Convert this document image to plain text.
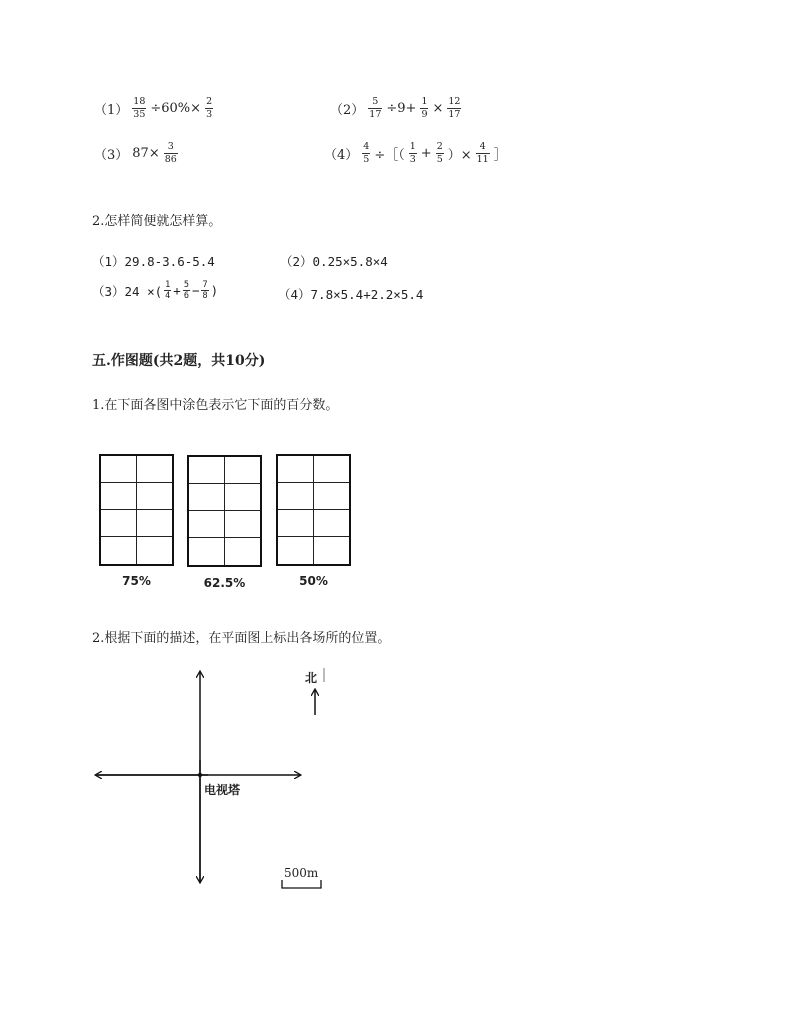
$(1) \frac{18}{35} \div 60\%\times \frac{2}{3}$	$(2) \frac{5}{17} \div 9+ \frac{1}{9} \times \frac{12}{17}$
（3） $87\times \frac{3}{86}$	$(4) \frac{4}{5}$ ÷［（ $\frac{1}{3} + \frac{2}{5}$ ）× $\frac{4}{11}$ ］
2.怎样简便就怎样算。
（1）29.8-3.6-5.4	（2）0.25×5.8×4
（3）24 ×( $\frac{1}{4} + \frac{5}{6} - \frac{7}{8}$ )	（4）7.8×5.4+2.2×5.4
五.作图题(共2题，共10分)
1.在下面各图中涂色表示它下面的百分数。
75%	62.5%	50%
2.根据下面的描述，在平面图上标出各场所的位置。
北
电视塔
500m
